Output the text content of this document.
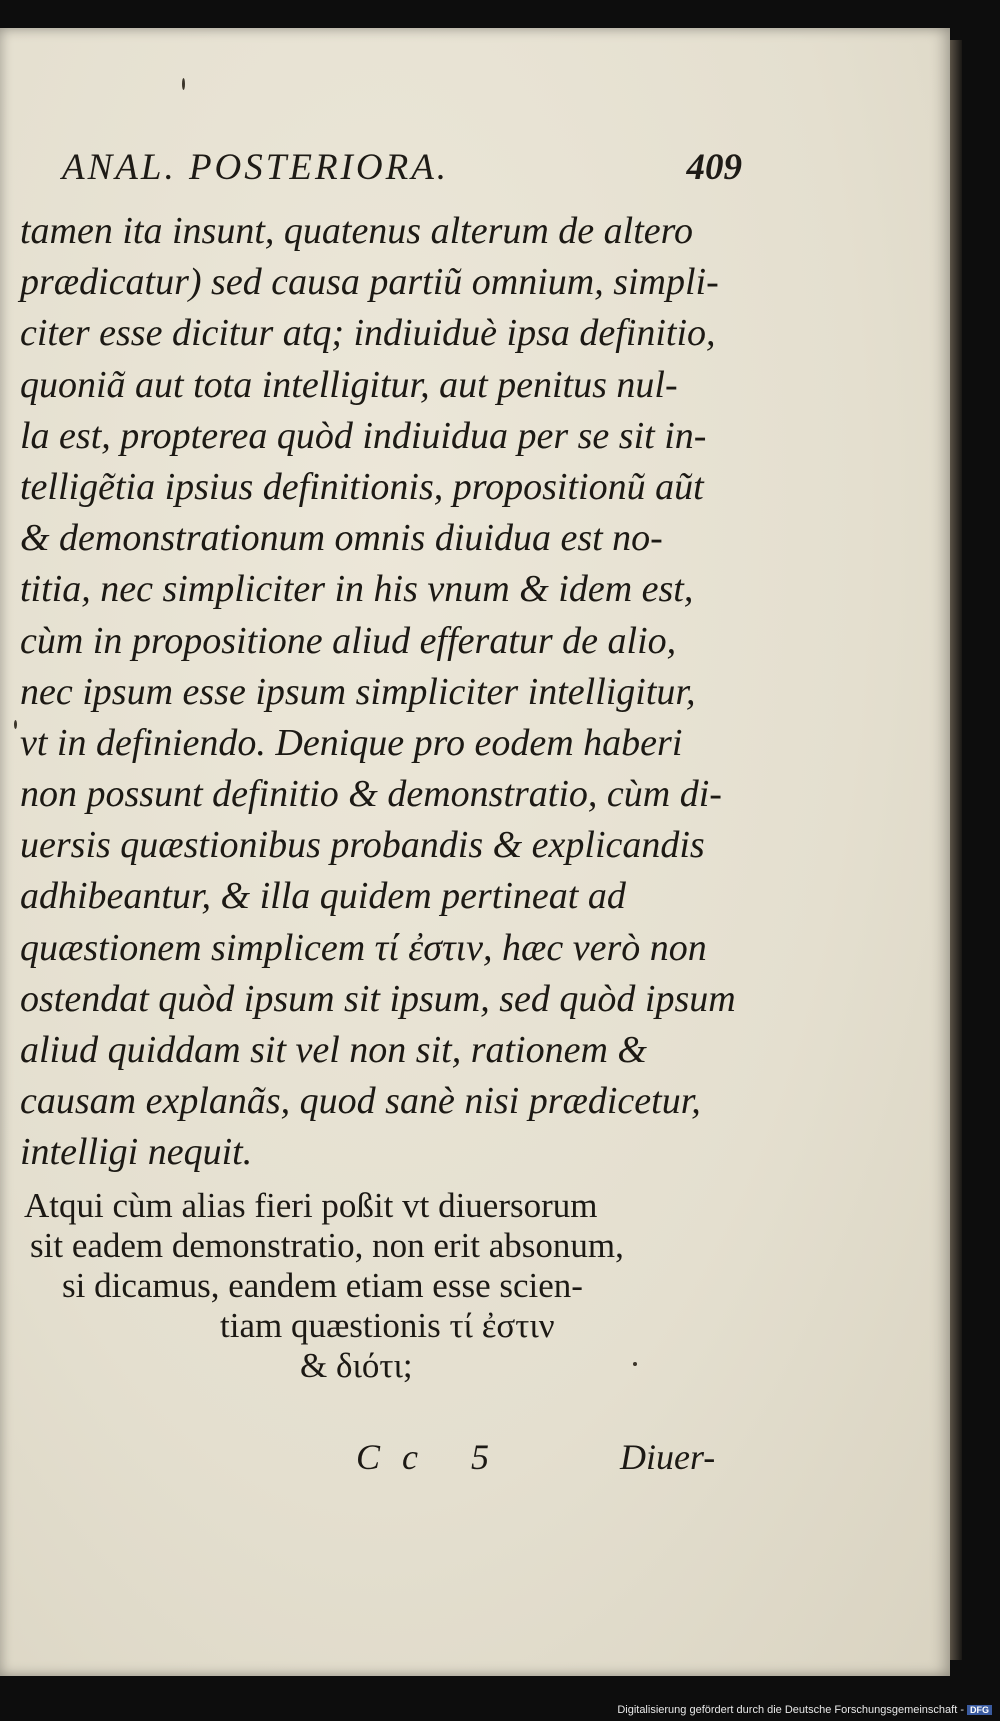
ANAL. POSTERIORA.	409
tamen ita insunt, quatenus alterum de altero
prædicatur) sed causa partiũ omnium, simpli-
citer esse dicitur atq; indiuiduè ipsa definitio,
quoniã aut tota intelligitur, aut penitus nul-
la est, propterea quòd indiuidua per se sit in-
telligẽtia ipsius definitionis, propositionũ aũt
& demonstrationum omnis diuidua est no-
titia, nec simpliciter in his vnum & idem est,
cùm in propositione aliud efferatur de alio,
nec ipsum esse ipsum simpliciter intelligitur,
vt in definiendo. Denique pro eodem haberi
non possunt definitio & demonstratio, cùm di-
uersis quæstionibus probandis & explicandis
adhibeantur, & illa quidem pertineat ad
quæstionem simplicem τί ἐστιν, hæc verò non
ostendat quòd ipsum sit ipsum, sed quòd ipsum
aliud quiddam sit vel non sit, rationem &
causam explanãs, quod sanè nisi prædicetur,
intelligi nequit.
Atqui cùm alias fieri poßit vt diuersorum
sit eadem demonstratio, non erit absonum,
si dicamus, eandem etiam esse scien-
tiam quæstionis τί ἐστιν
& διότι;
Cc 5	Diuer-
Digitalisierung gefördert durch die Deutsche Forschungsgemeinschaft - DFG
